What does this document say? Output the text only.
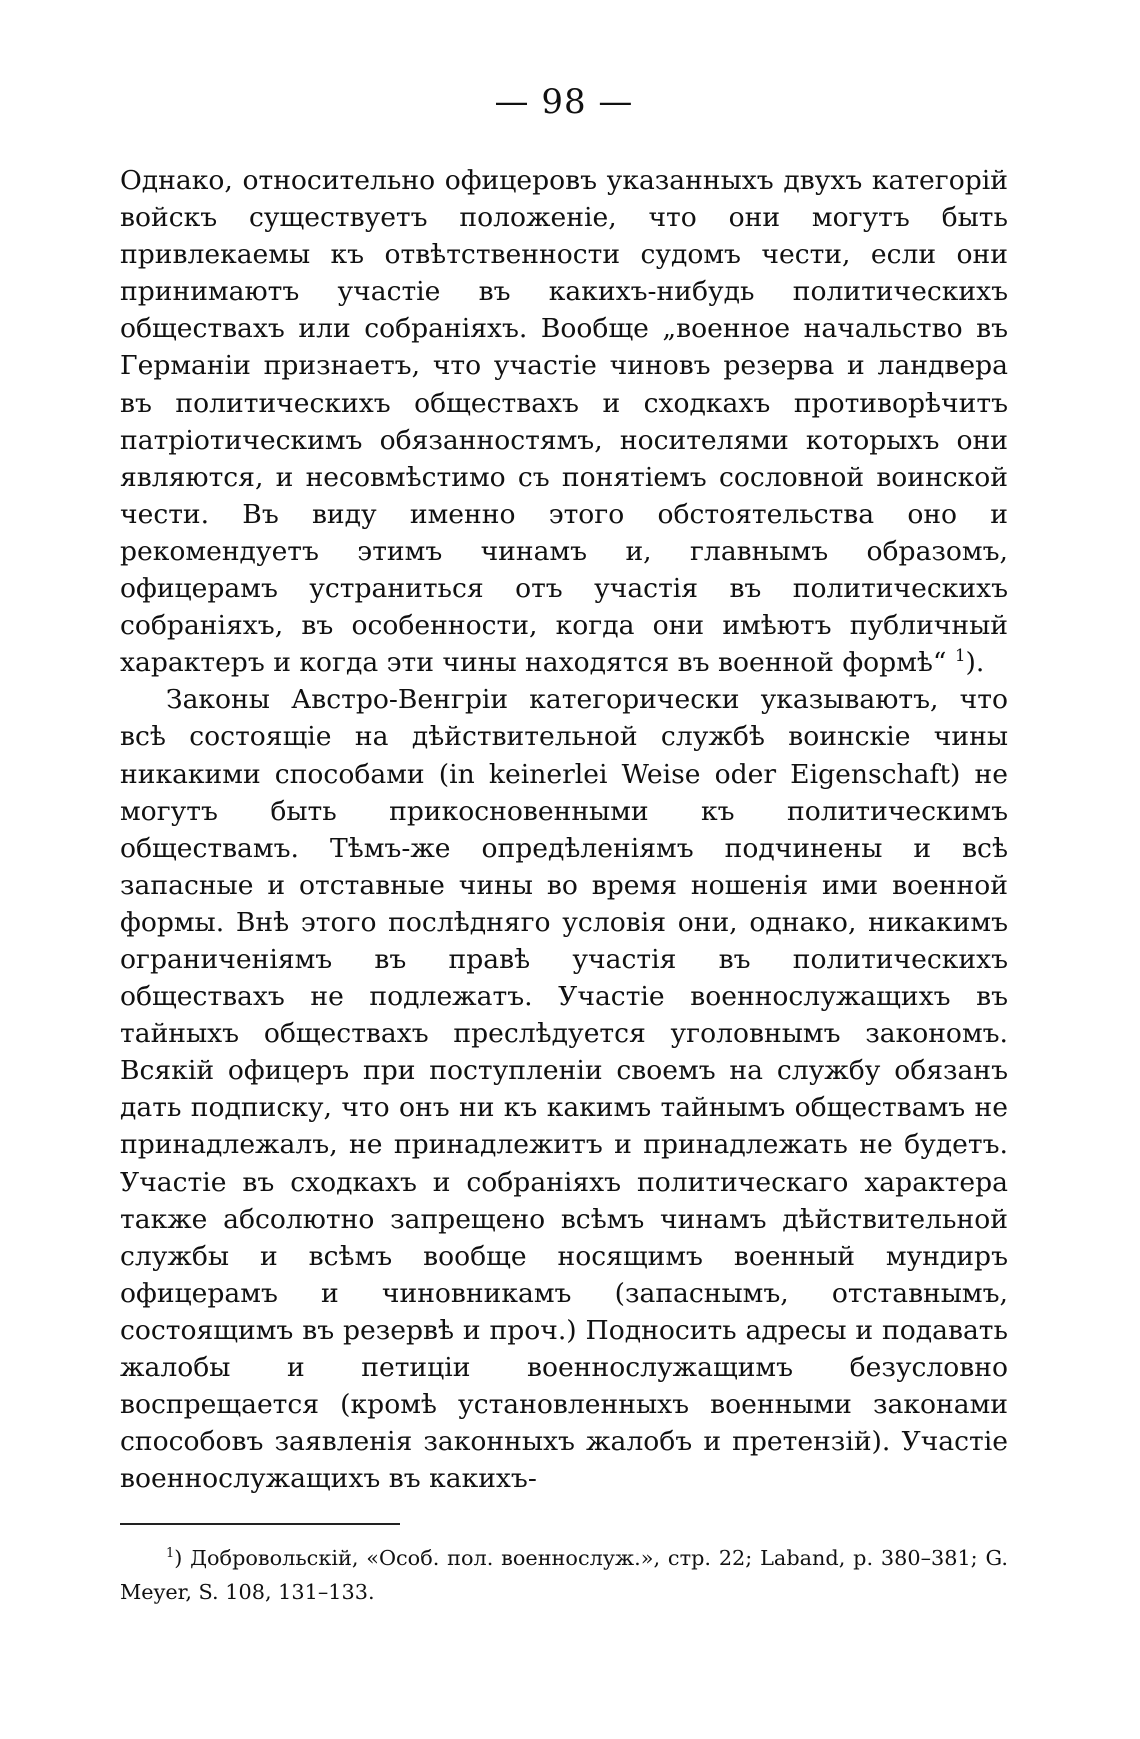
— 98 —

Однако, относительно офицеровъ указанныхъ двухъ категорій войскъ существуетъ положеніе, что они могутъ быть привлекаемы къ отвѣтственности судомъ чести, если они принимаютъ участіе въ какихъ-нибудь политическихъ обществахъ или собраніяхъ. Вообще „военное начальство въ Германіи признаетъ, что участіе чиновъ резерва и ландвера въ политическихъ обществахъ и сходкахъ противорѣчитъ патріотическимъ обязанностямъ, носителями которыхъ они являются, и несовмѣстимо съ понятіемъ сословной воинской чести. Въ виду именно этого обстоятельства оно и рекомендуетъ этимъ чинамъ и, главнымъ образомъ, офицерамъ устраниться отъ участія въ политическихъ собраніяхъ, въ особенности, когда они имѣютъ публичный характеръ и когда эти чины находятся въ военной формѣ“ $^1$).

Законы Австро-Венгріи категорически указываютъ, что всѣ состоящіе на дѣйствительной службѣ воинскіе чины никакими способами (in keinerlei Weise oder Eigenschaft) не могутъ быть прикосновенными къ политическимъ обществамъ. Тѣмъ-же опредѣленіямъ подчинены и всѣ запасные и отставные чины во время ношенія ими военной формы. Внѣ этого послѣдняго условія они, однако, никакимъ ограниченіямъ въ правѣ участія въ политическихъ обществахъ не подлежатъ. Участіе военнослужащихъ въ тайныхъ обществахъ преслѣдуется уголовнымъ закономъ. Всякій офицеръ при поступленіи своемъ на службу обязанъ дать подписку, что онъ ни къ какимъ тайнымъ обществамъ не принадлежалъ, не принадлежитъ и принадлежать не будетъ. Участіе въ сходкахъ и собраніяхъ политическаго характера также абсолютно запрещено всѣмъ чинамъ дѣйствительной службы и всѣмъ вообще носящимъ военный мундиръ офицерамъ и чиновникамъ (запаснымъ, отставнымъ, состоящимъ въ резервѣ и проч.) Подносить адресы и подавать жалобы и петиціи военнослужащимъ безусловно воспрещается (кромѣ установленныхъ военными законами способовъ заявленія законныхъ жалобъ и претензій). Участіе военнослужащихъ въ какихъ-

$^1$) Добровольскій, «Особ. пол. военнослуж.», стр. 22; Laband, p. 380–381; G. Meyer, S. 108, 131–133.
